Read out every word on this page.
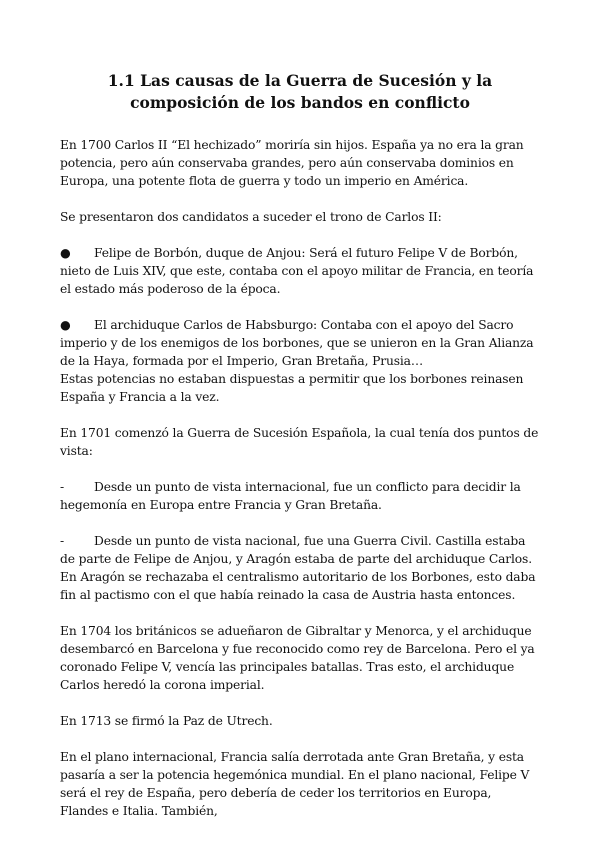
1.1 Las causas de la Guerra de Sucesión y la
composición de los bandos en conflicto

En 1700 Carlos II “El hechizado” moriría sin hijos. España ya no era la gran potencia, pero aún conservaba grandes, pero aún conservaba dominios en Europa, una potente flota de guerra y todo un imperio en América.

Se presentaron dos candidatos a suceder el trono de Carlos II:

● Felipe de Borbón, duque de Anjou: Será el futuro Felipe V de Borbón, nieto de Luis XIV, que este, contaba con el apoyo militar de Francia, en teoría el estado más poderoso de la época.

● El archiduque Carlos de Habsburgo: Contaba con el apoyo del Sacro imperio y de los enemigos de los borbones, que se unieron en la Gran Alianza de la Haya, formada por el Imperio, Gran Bretaña, Prusia…

Estas potencias no estaban dispuestas a permitir que los borbones reinasen España y Francia a la vez.

En 1701 comenzó la Guerra de Sucesión Española, la cual tenía dos puntos de vista:

- Desde un punto de vista internacional, fue un conflicto para decidir la hegemonía en Europa entre Francia y Gran Bretaña.

- Desde un punto de vista nacional, fue una Guerra Civil. Castilla estaba de parte de Felipe de Anjou, y Aragón estaba de parte del archiduque Carlos. En Aragón se rechazaba el centralismo autoritario de los Borbones, esto daba fin al pactismo con el que había reinado la casa de Austria hasta entonces.

En 1704 los británicos se adueñaron de Gibraltar y Menorca, y el archiduque desembarcó en Barcelona y fue reconocido como rey de Barcelona. Pero el ya coronado Felipe V, vencía las principales batallas. Tras esto, el archiduque Carlos heredó la corona imperial.

En 1713 se firmó la Paz de Utrech.

En el plano internacional, Francia salía derrotada ante Gran Bretaña, y esta pasaría a ser la potencia hegemónica mundial. En el plano nacional, Felipe V será el rey de España, pero debería de ceder los territorios en Europa, Flandes e Italia. También,
